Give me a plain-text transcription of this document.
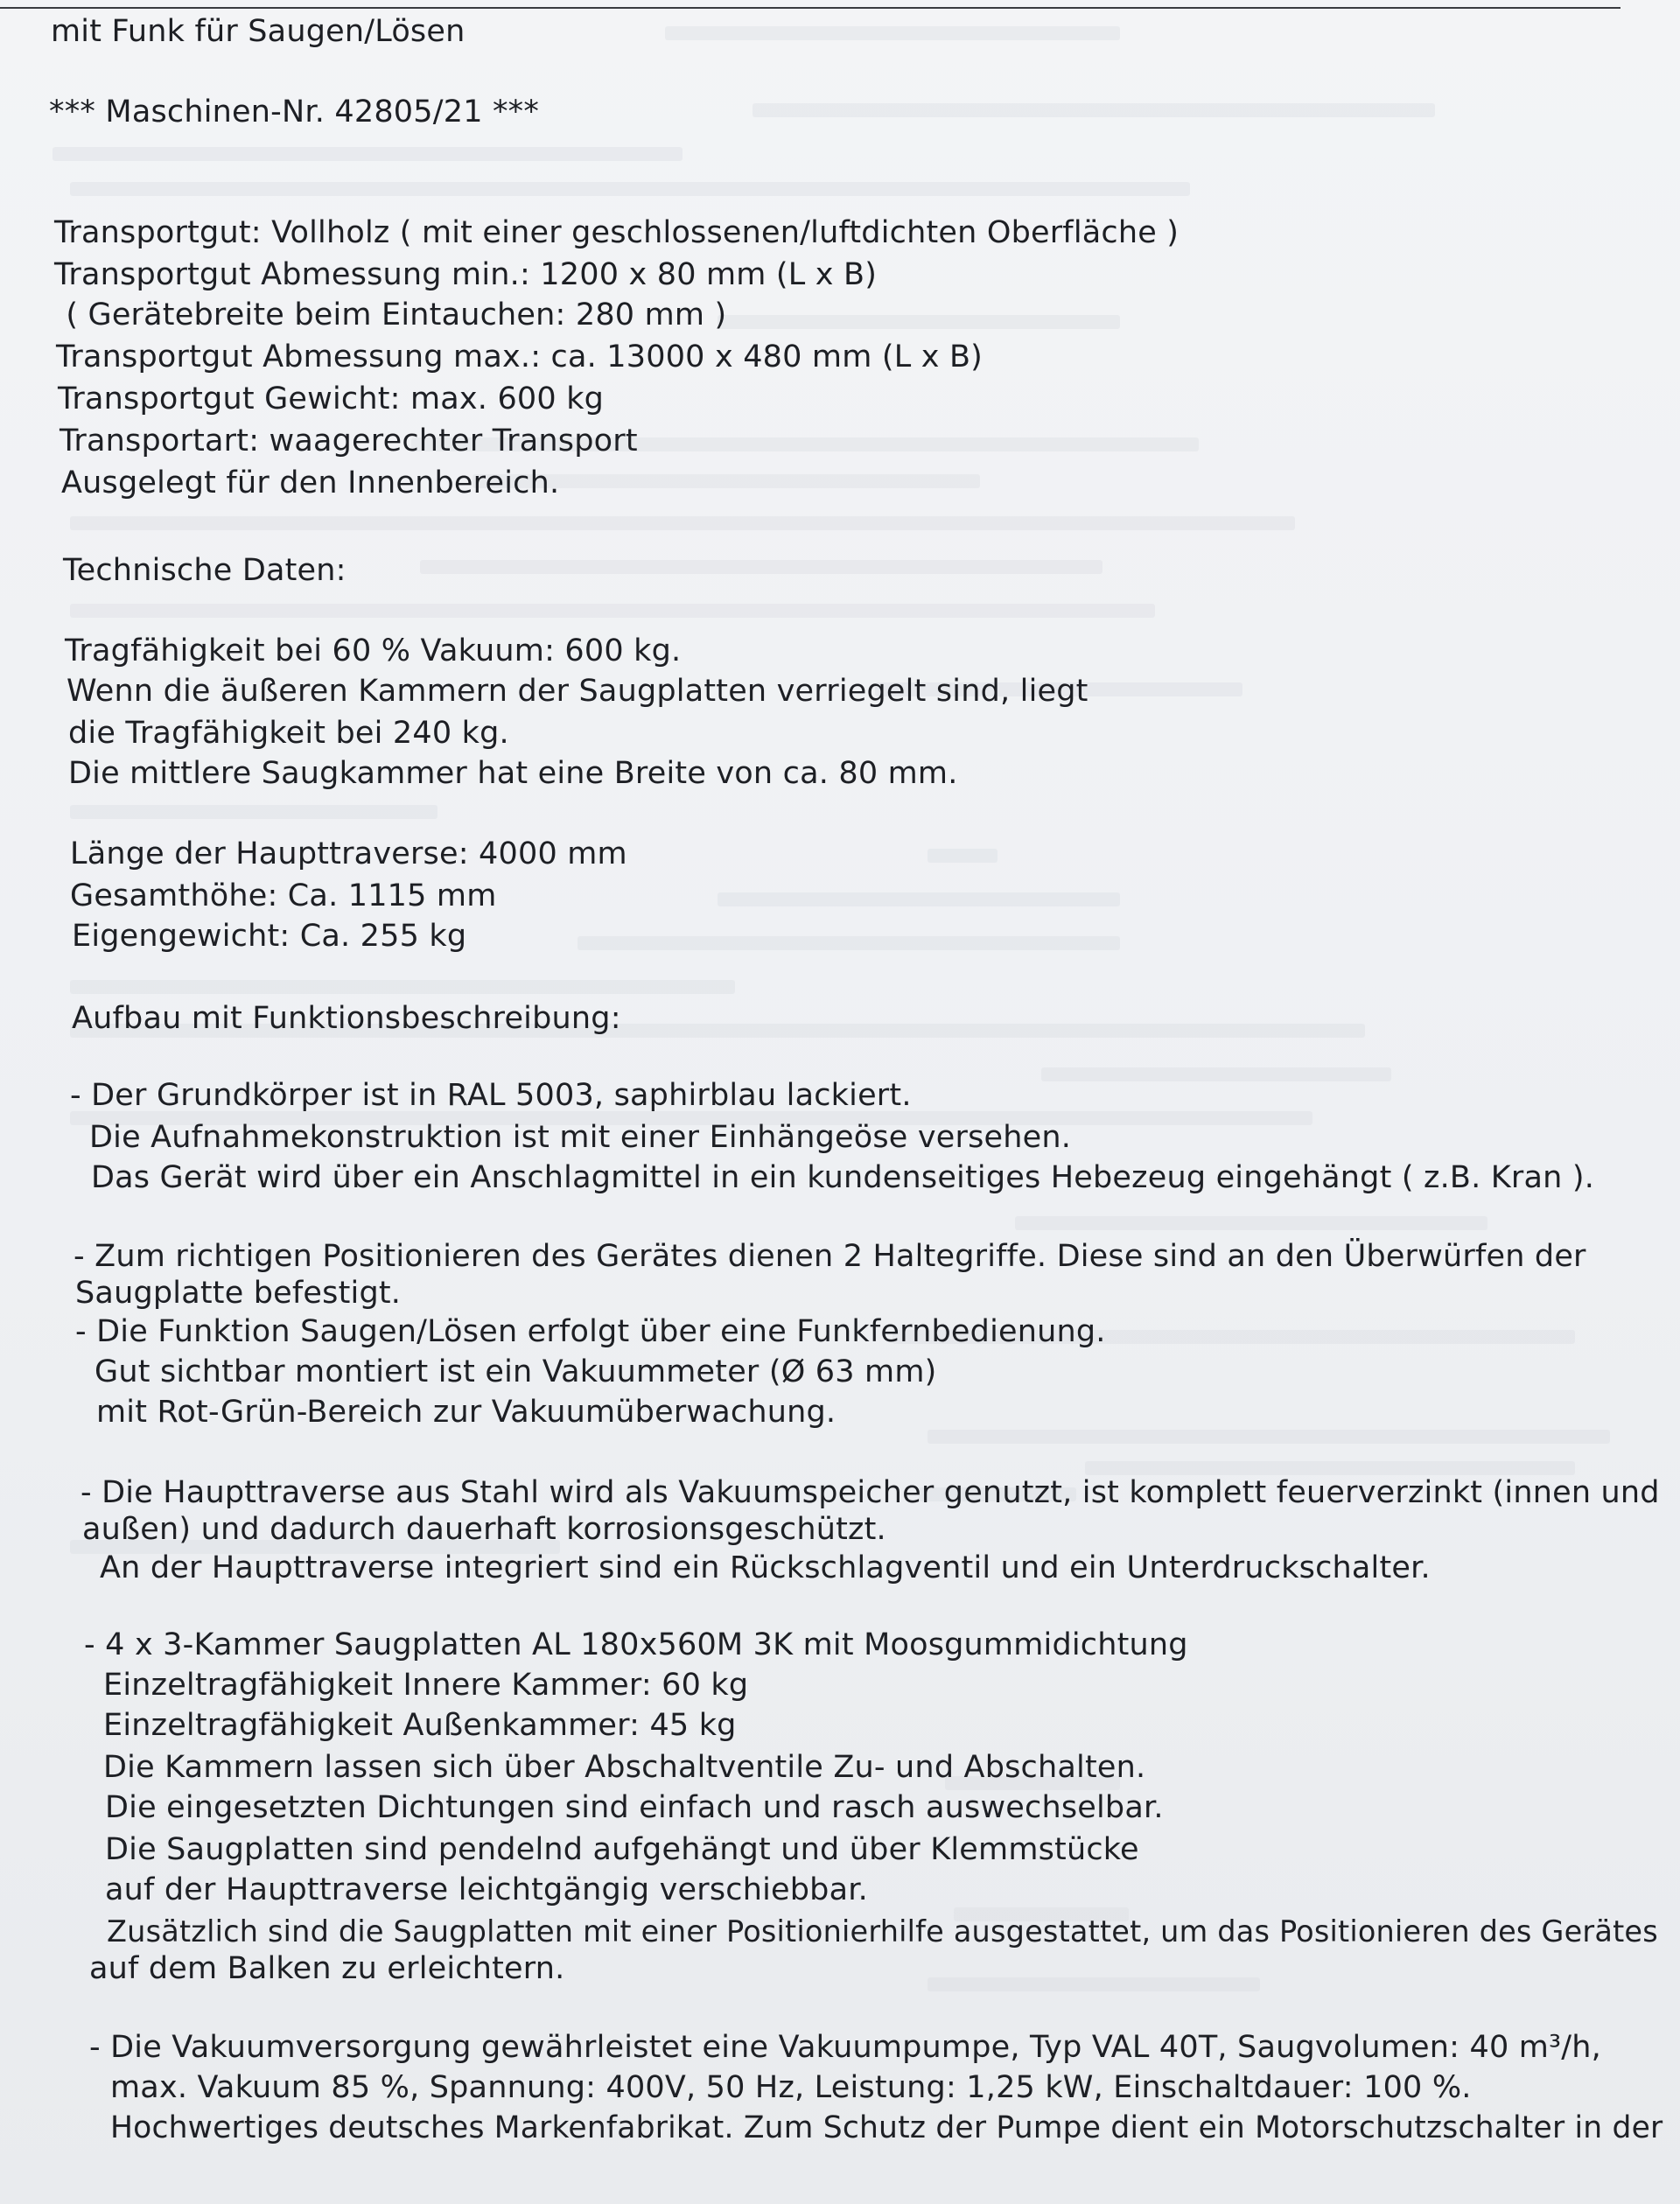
mit Funk für Saugen/Lösen
*** Maschinen-Nr. 42805/21 ***
Transportgut: Vollholz ( mit einer geschlossenen/luftdichten Oberfläche )
Transportgut Abmessung min.: 1200 x 80 mm (L x B)
( Gerätebreite beim Eintauchen: 280 mm )
Transportgut Abmessung max.: ca. 13000 x 480 mm (L x B)
Transportgut Gewicht: max. 600 kg
Transportart: waagerechter Transport
Ausgelegt für den Innenbereich.
Technische Daten:
Tragfähigkeit bei 60 % Vakuum: 600 kg.
Wenn die äußeren Kammern der Saugplatten verriegelt sind, liegt
die Tragfähigkeit bei 240 kg.
Die mittlere Saugkammer hat eine Breite von ca. 80 mm.
Länge der Haupttraverse: 4000 mm
Gesamthöhe: Ca. 1115 mm
Eigengewicht: Ca. 255 kg
Aufbau mit Funktionsbeschreibung:
- Der Grundkörper ist in RAL 5003, saphirblau lackiert.
Die Aufnahmekonstruktion ist mit einer Einhängeöse versehen.
Das Gerät wird über ein Anschlagmittel in ein kundenseitiges Hebezeug eingehängt ( z.B. Kran ).
- Zum richtigen Positionieren des Gerätes dienen 2 Haltegriffe. Diese sind an den Überwürfen der
Saugplatte befestigt.
- Die Funktion Saugen/Lösen erfolgt über eine Funkfernbedienung.
Gut sichtbar montiert ist ein Vakuummeter (Ø 63 mm)
mit Rot-Grün-Bereich zur Vakuumüberwachung.
- Die Haupttraverse aus Stahl wird als Vakuumspeicher genutzt, ist komplett feuerverzinkt (innen und
außen) und dadurch dauerhaft korrosionsgeschützt.
An der Haupttraverse integriert sind ein Rückschlagventil und ein Unterdruckschalter.
- 4 x 3-Kammer Saugplatten AL 180x560M 3K mit Moosgummidichtung
Einzeltragfähigkeit Innere Kammer: 60 kg
Einzeltragfähigkeit Außenkammer: 45 kg
Die Kammern lassen sich über Abschaltventile Zu- und Abschalten.
Die eingesetzten Dichtungen sind einfach und rasch auswechselbar.
Die Saugplatten sind pendelnd aufgehängt und über Klemmstücke
auf der Haupttraverse leichtgängig verschiebbar.
Zusätzlich sind die Saugplatten mit einer Positionierhilfe ausgestattet, um das Positionieren des Gerätes
auf dem Balken zu erleichtern.
- Die Vakuumversorgung gewährleistet eine Vakuumpumpe, Typ VAL 40T, Saugvolumen: 40 m³/h,
max. Vakuum 85 %, Spannung: 400V, 50 Hz, Leistung: 1,25 kW, Einschaltdauer: 100 %.
Hochwertiges deutsches Markenfabrikat. Zum Schutz der Pumpe dient ein Motorschutzschalter in der
